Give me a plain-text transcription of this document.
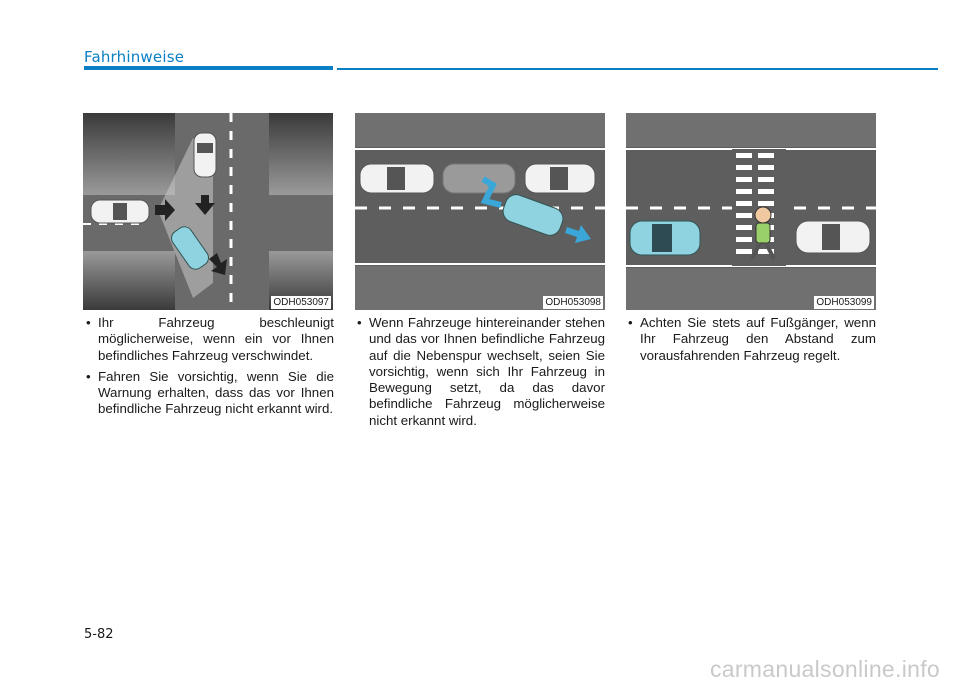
Fahrhinweise
ODH053097	ODH053098	ODH053099
• Ihr Fahrzeug beschleunigt möglicherweise, wenn ein vor Ihnen befindliches Fahrzeug verschwindet.
• Fahren Sie vorsichtig, wenn Sie die Warnung erhalten, dass das vor Ihnen befindliche Fahrzeug nicht erkannt wird.
• Wenn Fahrzeuge hintereinander stehen und das vor Ihnen befindliche Fahrzeug auf die Nebenspur wechselt, seien Sie vorsichtig, wenn sich Ihr Fahrzeug in Bewegung setzt, da das davor befindliche Fahrzeug möglicherweise nicht erkannt wird.
• Achten Sie stets auf Fußgänger, wenn Ihr Fahrzeug den Abstand zum vorausfahrenden Fahrzeug regelt.
5-82
carmanualsonline.info
